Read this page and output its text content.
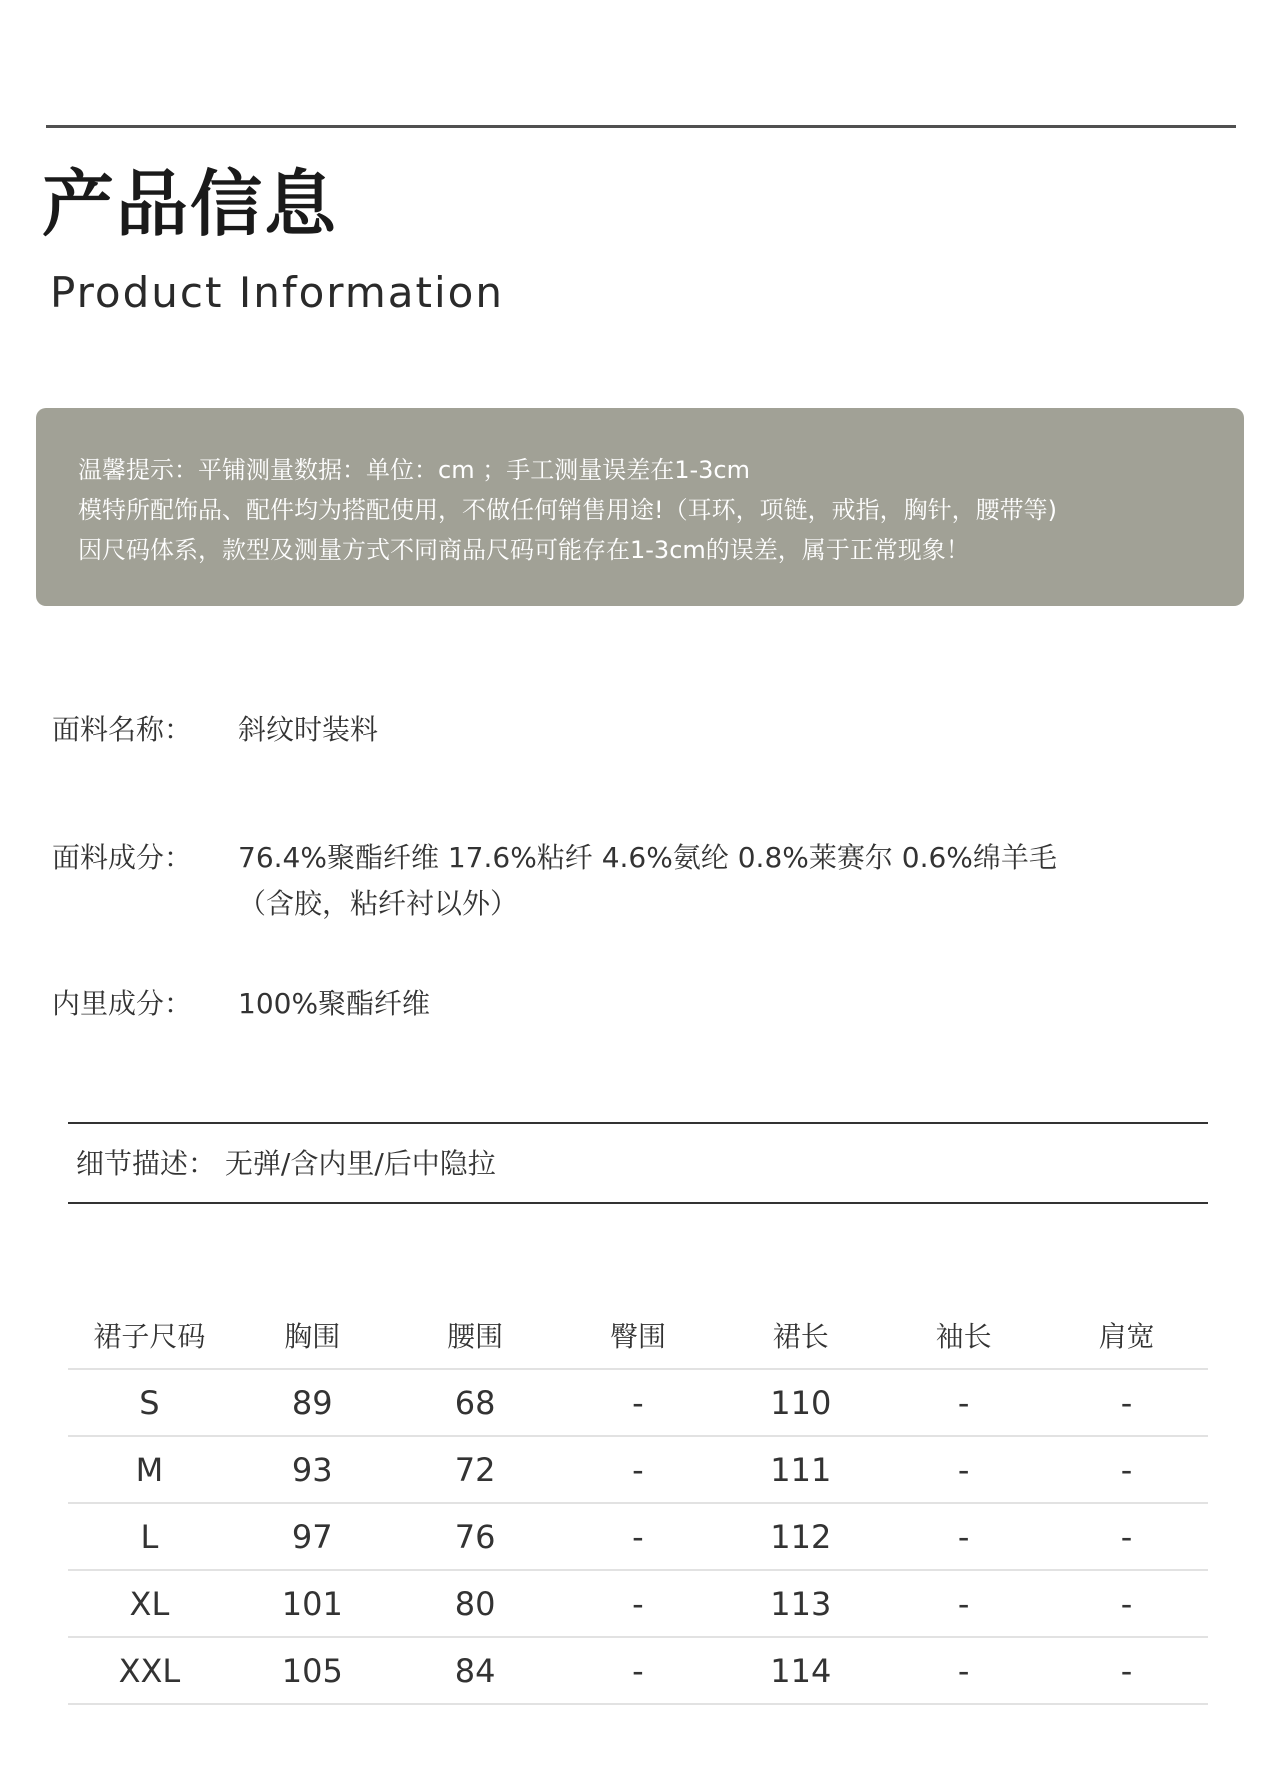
产品信息
Product Information
温馨提示：平铺测量数据：单位：cm ；手工测量误差在1-3cm
模特所配饰品、配件均为搭配使用，不做任何销售用途!（耳环，项链，戒指，胸针，腰带等)
因尺码体系，款型及测量方式不同商品尺码可能存在1-3cm的误差，属于正常现象！
面料名称： 斜纹时装料
面料成分： 76.4%聚酯纤维 17.6%粘纤 4.6%氨纶 0.8%莱赛尔 0.6%绵羊毛
（含胶，粘纤衬以外）
内里成分： 100%聚酯纤维
细节描述： 无弹/含内里/后中隐拉
裙子尺码	胸围	腰围	臀围	裙长	袖长	肩宽
S	89	68	-	110	-	-
M	93	72	-	111	-	-
L	97	76	-	112	-	-
XL	101	80	-	113	-	-
XXL	105	84	-	114	-	-
